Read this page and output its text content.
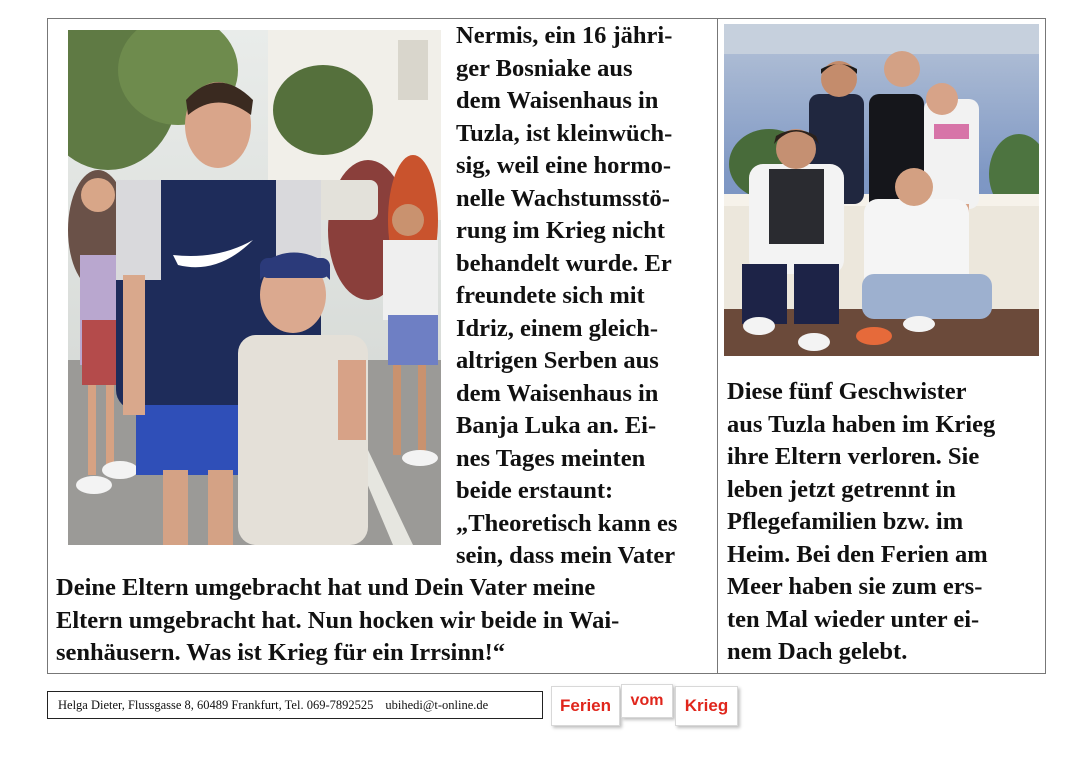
Nermis, ein 16 jähri-
ger Bosniake aus
dem Waisenhaus in
Tuzla, ist kleinwüch-
sig, weil eine hormo-
nelle Wachstumsstö-
rung im Krieg nicht
behandelt wurde. Er
freundete sich mit
Idriz, einem gleich-
altrigen Serben aus
dem Waisenhaus in
Banja Luka an. Ei-
nes Tages meinten
beide erstaunt:
„Theoretisch kann es
sein, dass mein Vater
Deine Eltern umgebracht hat und Dein Vater meine
Eltern umgebracht hat. Nun hocken wir beide in Wai-
senhäusern. Was ist Krieg für ein Irrsinn!“
Diese fünf Geschwister
aus Tuzla haben im Krieg
ihre Eltern verloren. Sie
leben jetzt getrennt in
Pflegefamilien bzw. im
Heim. Bei den Ferien am
Meer haben sie zum ers-
ten Mal wieder unter ei-
nem Dach gelebt.
Helga Dieter, Flussgasse 8, 60489 Frankfurt, Tel. 069-7892525 ubihedi@t-online.de	Ferien vom Krieg
